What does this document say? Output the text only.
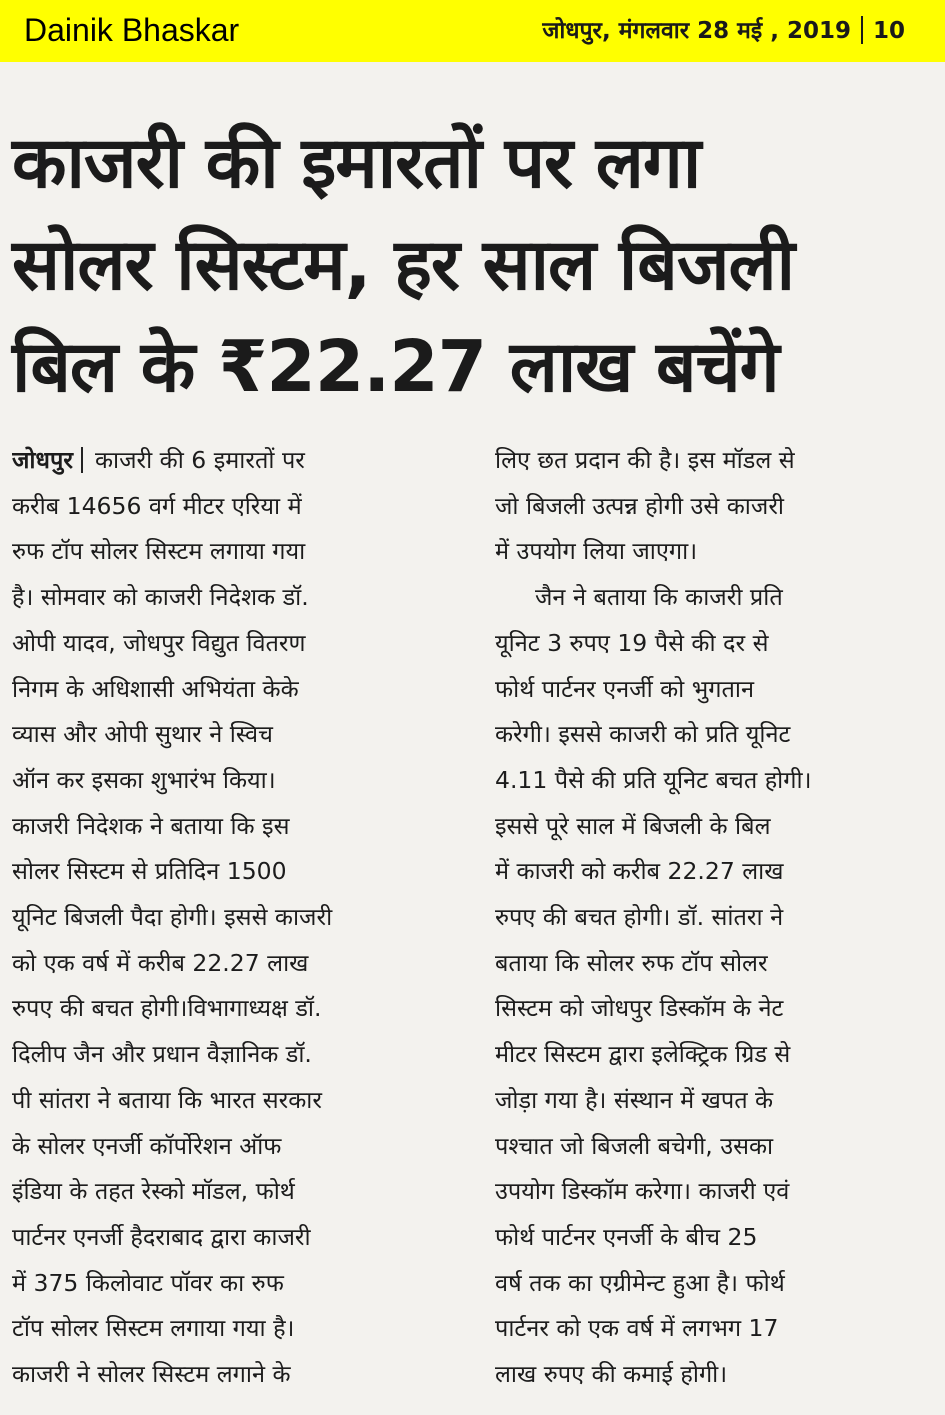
Dainik Bhaskar	जोधपुर, मंगलवार 28 मई , 2019 10
काजरी की इमारतों पर लगा
सोलर सिस्टम, हर साल बिजली
बिल के ₹22.27 लाख बचेंगे
जोधपुर काजरी की 6 इमारतों पर
करीब 14656 वर्ग मीटर एरिया में
रुफ टॉप सोलर सिस्टम लगाया गया
है। सोमवार को काजरी निदेशक डॉ.
ओपी यादव, जोधपुर विद्युत वितरण
निगम के अधिशासी अभियंता केके
व्यास और ओपी सुथार ने स्विच
ऑन कर इसका शुभारंभ किया।
काजरी निदेशक ने बताया कि इस
सोलर सिस्टम से प्रतिदिन 1500
यूनिट बिजली पैदा होगी। इससे काजरी
को एक वर्ष में करीब 22.27 लाख
रुपए की बचत होगी।विभागाध्यक्ष डॉ.
दिलीप जैन और प्रधान वैज्ञानिक डॉ.
पी सांतरा ने बताया कि भारत सरकार
के सोलर एनर्जी कॉर्पोरेशन ऑफ
इंडिया के तहत रेस्को मॉडल, फोर्थ
पार्टनर एनर्जी हैदराबाद द्वारा काजरी
में 375 किलोवाट पॉवर का रुफ
टॉप सोलर सिस्टम लगाया गया है।
काजरी ने सोलर सिस्टम लगाने के
लिए छत प्रदान की है। इस मॉडल से
जो बिजली उत्पन्न होगी उसे काजरी
में उपयोग लिया जाएगा।
जैन ने बताया कि काजरी प्रति
यूनिट 3 रुपए 19 पैसे की दर से
फोर्थ पार्टनर एनर्जी को भुगतान
करेगी। इससे काजरी को प्रति यूनिट
4.11 पैसे की प्रति यूनिट बचत होगी।
इससे पूरे साल में बिजली के बिल
में काजरी को करीब 22.27 लाख
रुपए की बचत होगी। डॉ. सांतरा ने
बताया कि सोलर रुफ टॉप सोलर
सिस्टम को जोधपुर डिस्कॉम के नेट
मीटर सिस्टम द्वारा इलेक्ट्रिक ग्रिड से
जोड़ा गया है। संस्थान में खपत के
पश्चात जो बिजली बचेगी, उसका
उपयोग डिस्कॉम करेगा। काजरी एवं
फोर्थ पार्टनर एनर्जी के बीच 25
वर्ष तक का एग्रीमेन्ट हुआ है। फोर्थ
पार्टनर को एक वर्ष में लगभग 17
लाख रुपए की कमाई होगी।
